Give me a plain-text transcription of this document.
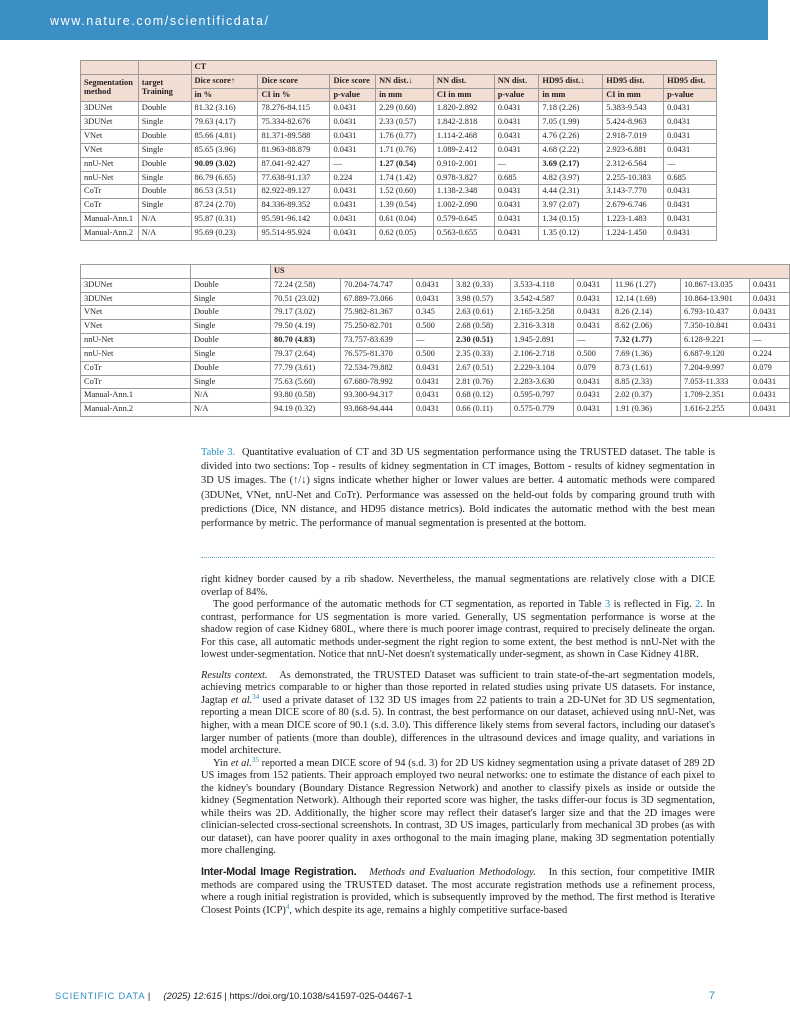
www.nature.com/scientificdata/
		CT								
Segmentation method	target Training	Dice score↑	Dice score	Dice score	NN dist.↓	NN dist.	NN dist.	HD95 dist.↓	HD95 dist.	HD95 dist.
		in %	CI in %	p-value	in mm	CI in mm	p-value	in mm	CI in mm	p-value
3DUNet	Double	81.32 (3.16)	78.276-84.115	0.0431	2.29 (0.60)	1.820-2.892	0.0431	7.18 (2.26)	5.383-9.543	0.0431
3DUNet	Single	79.63 (4.17)	75.334-82.676	0.0431	2.33 (0.57)	1.842-2.818	0.0431	7.05 (1.99)	5.424-8.963	0.0431
VNet	Double	85.66 (4.81)	81.371-89.588	0.0431	1.76 (0.77)	1.114-2.468	0.0431	4.76 (2.26)	2.918-7.019	0.0431
VNet	Single	85.65 (3.96)	81.963-88.879	0.0431	1.71 (0.76)	1.089-2.412	0.0431	4.68 (2.22)	2.923-6.881	0.0431
nnU-Net	Double	90.09 (3.02)	87.041-92.427	—	1.27 (0.54)	0.910-2.001	—	3.69 (2.17)	2.312-6.564	—
nnU-Net	Single	86.79 (6.65)	77.638-91.137	0.224	1.74 (1.42)	0.978-3.827	0.685	4.82 (3.97)	2.255-10.383	0.685
CoTr	Double	86.53 (3.51)	82.922-89.127	0.0431	1.52 (0.60)	1.138-2.348	0.0431	4.44 (2.31)	3.143-7.770	0.0431
CoTr	Single	87.24 (2.70)	84.336-89.352	0.0431	1.39 (0.54)	1.002-2.090	0.0431	3.97 (2.07)	2.679-6.746	0.0431
Manual-Ann.1	N/A	95.87 (0.31)	95.591-96.142	0.0431	0.61 (0.04)	0.579-0.645	0.0431	1.34 (0.15)	1.223-1.483	0.0431
Manual-Ann.2	N/A	95.69 (0.23)	95.514-95.924	0.0431	0.62 (0.05)	0.563-0.655	0.0431	1.35 (0.12)	1.224-1.450	0.0431
		US								
3DUNet	Double	72.24 (2.58)	70.204-74.747	0.0431	3.82 (0.33)	3.533-4.118	0.0431	11.96 (1.27)	10.867-13.035	0.0431
3DUNet	Single	70.51 (23.02)	67.889-73.066	0.0431	3.98 (0.57)	3.542-4.587	0.0431	12.14 (1.69)	10.864-13.901	0.0431
VNet	Double	79.17 (3.02)	75.982-81.367	0.345	2.63 (0.61)	2.165-3.258	0.0431	8.26 (2.14)	6.793-10.437	0.0431
VNet	Single	79.50 (4.19)	75.250-82.701	0.500	2.68 (0.58)	2.316-3.318	0.0431	8.62 (2.06)	7.350-10.841	0.0431
nnU-Net	Double	80.70 (4.83)	73.757-83.639	—	2.30 (0.51)	1.945-2.891	—	7.32 (1.77)	6.128-9.221	—
nnU-Net	Single	79.37 (2.64)	76.575-81.370	0.500	2.35 (0.33)	2.106-2.718	0.500	7.69 (1.36)	6.687-9.120	0.224
CoTr	Double	77.79 (3.61)	72.534-79.882	0.0431	2.67 (0.51)	2.229-3.104	0.079	8.73 (1.61)	7.204-9.997	0.079
CoTr	Single	75.63 (5.60)	67.680-78.992	0.0431	2.81 (0.76)	2.283-3.630	0.0431	8.85 (2.33)	7.053-11.333	0.0431
Manual-Ann.1	N/A	93.80 (0.58)	93.300-94.317	0.0431	0.68 (0.12)	0.595-0.797	0.0431	2.02 (0.37)	1.709-2.351	0.0431
Manual-Ann.2	N/A	94.19 (0.32)	93.868-94.444	0.0431	0.66 (0.11)	0.575-0.779	0.0431	1.91 (0.36)	1.616-2.255	0.0431
Table 3. Quantitative evaluation of CT and 3D US segmentation performance using the TRUSTED dataset. The table is divided into two sections: Top - results of kidney segmentation in CT images, Bottom - results of kidney segmentation in 3D US images. The (↑/↓) signs indicate whether higher or lower values are better. 4 automatic methods were compared (3DUNet, VNet, nnU-Net and CoTr). Performance was assessed on the held-out folds by comparing ground truth with predictions (Dice, NN distance, and HD95 distance metrics). Bold indicates the automatic method with the best mean performance by metric. The performance of manual segmentation is presented at the bottom.

right kidney border caused by a rib shadow. Nevertheless, the manual segmentations are relatively close with a DICE overlap of 84%.

The good performance of the automatic methods for CT segmentation, as reported in Table 3 is reflected in Fig. 2. In contrast, performance for US segmentation is more varied. Generally, US segmentation performance is worse at the shadow region of case Kidney 680L, where there is much poorer image contrast, required to precisely delineate the organ. For this case, all automatic methods under-segment the right region to some extent, the best method is nnU-Net with the lowest under-segmentation. Notice that nnU-Net doesn't systematically under-segment, as shown in Case Kidney 418R.

Results context. As demonstrated, the TRUSTED Dataset was sufficient to train state-of-the-art segmentation models, achieving metrics comparable to or higher than those reported in related studies using private US datasets. For instance, Jagtap et al.$^{34}$ used a private dataset of 132 3D US images from 22 patients to train a 2D-UNet for 3D US segmentation, reporting a mean DICE score of 80 (s.d. 5). In contrast, the best performance on our dataset, achieved using nnU-Net, was higher, with a mean DICE score of 90.1 (s.d. 3.0). This difference likely stems from several factors, including our dataset's larger number of patients (more than double), differences in the ultrasound devices and image quality, and variations in model architecture.

Yin et al.$^{35}$ reported a mean DICE score of 94 (s.d. 3) for 2D US kidney segmentation using a private dataset of 289 2D US images from 152 patients. Their approach employed two neural networks: one to estimate the distance of each pixel to the kidney's boundary (Boundary Distance Regression Network) and another to classify pixels as inside or outside the kidney (Segmentation Network). Although their reported score was higher, the tasks differ-our focus is 3D segmentation, while theirs was 2D. Additionally, the higher score may reflect their dataset's larger size and that the 2D images were clinician-selected cross-sectional screenshots. In contrast, 3D US images, particularly from mechanical 3D probes (as with our dataset), can have poorer quality in axes orthogonal to the main imaging plane, making 3D segmentation potentially more challenging.

Inter-Modal Image Registration. Methods and Evaluation Methodology. In this section, four competitive IMIR methods are compared using the TRUSTED dataset. The most accurate registration methods use a refinement process, where a rough initial registration is provided, which is subsequently improved by the method. The first method is Iterative Closest Points (ICP)$^4$, which despite its age, remains a highly competitive surface-based

SCIENTIFIC DATA | (2025) 12:615 | https://doi.org/10.1038/s41597-025-04467-1	7
